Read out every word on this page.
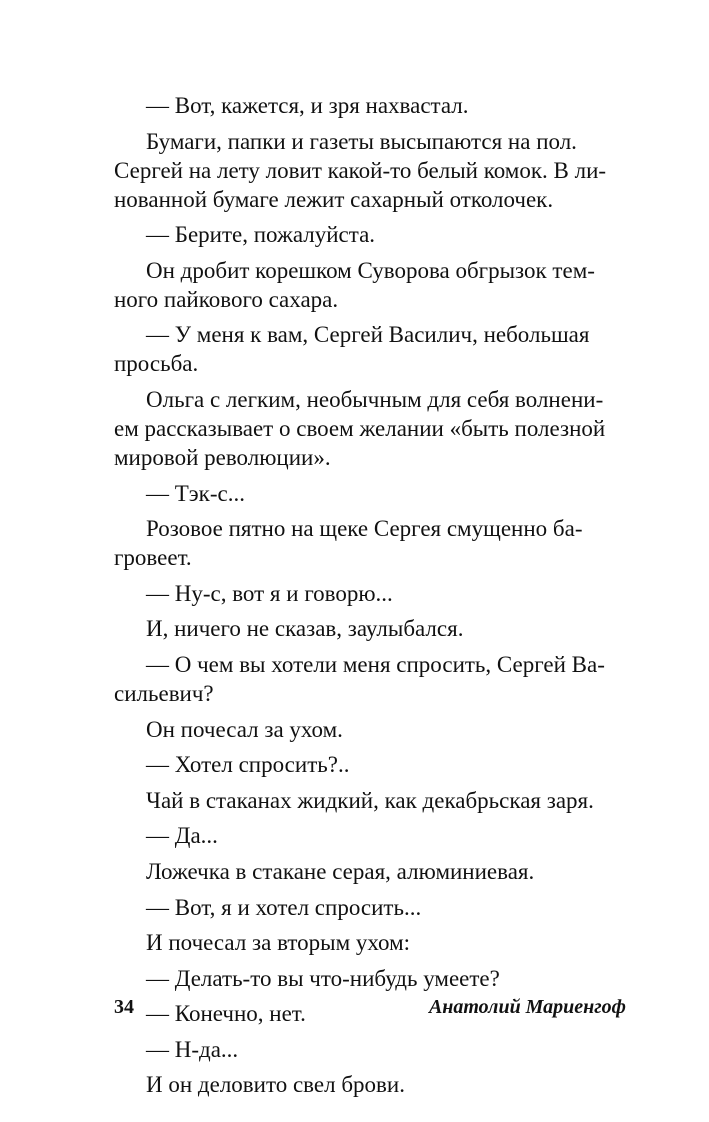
— Вот, кажется, и зря нахвастал.

Бумаги, папки и газеты высыпаются на пол.
Сергей на лету ловит какой-то белый комок. В ли-
нованной бумаге лежит сахарный отколочек.

— Берите, пожалуйста.

Он дробит корешком Суворова обгрызок тем-
ного пайкового сахара.

— У меня к вам, Сергей Василич, небольшая
просьба.

Ольга с легким, необычным для себя волнени-
ем рассказывает о своем желании «быть полезной
мировой революции».

— Тэк-с...

Розовое пятно на щеке Сергея смущенно ба-
гровеет.

— Ну-с, вот я и говорю...

И, ничего не сказав, заулыбался.

— О чем вы хотели меня спросить, Сергей Ва-
сильевич?

Он почесал за ухом.

— Хотел спросить?..

Чай в стаканах жидкий, как декабрьская заря.

— Да...

Ложечка в стакане серая, алюминиевая.

— Вот, я и хотел спросить...

И почесал за вторым ухом:

— Делать-то вы что-нибудь умеете?

— Конечно, нет.

— Н-да...

И он деловито свел брови.

34	Анатолий Мариенгоф
